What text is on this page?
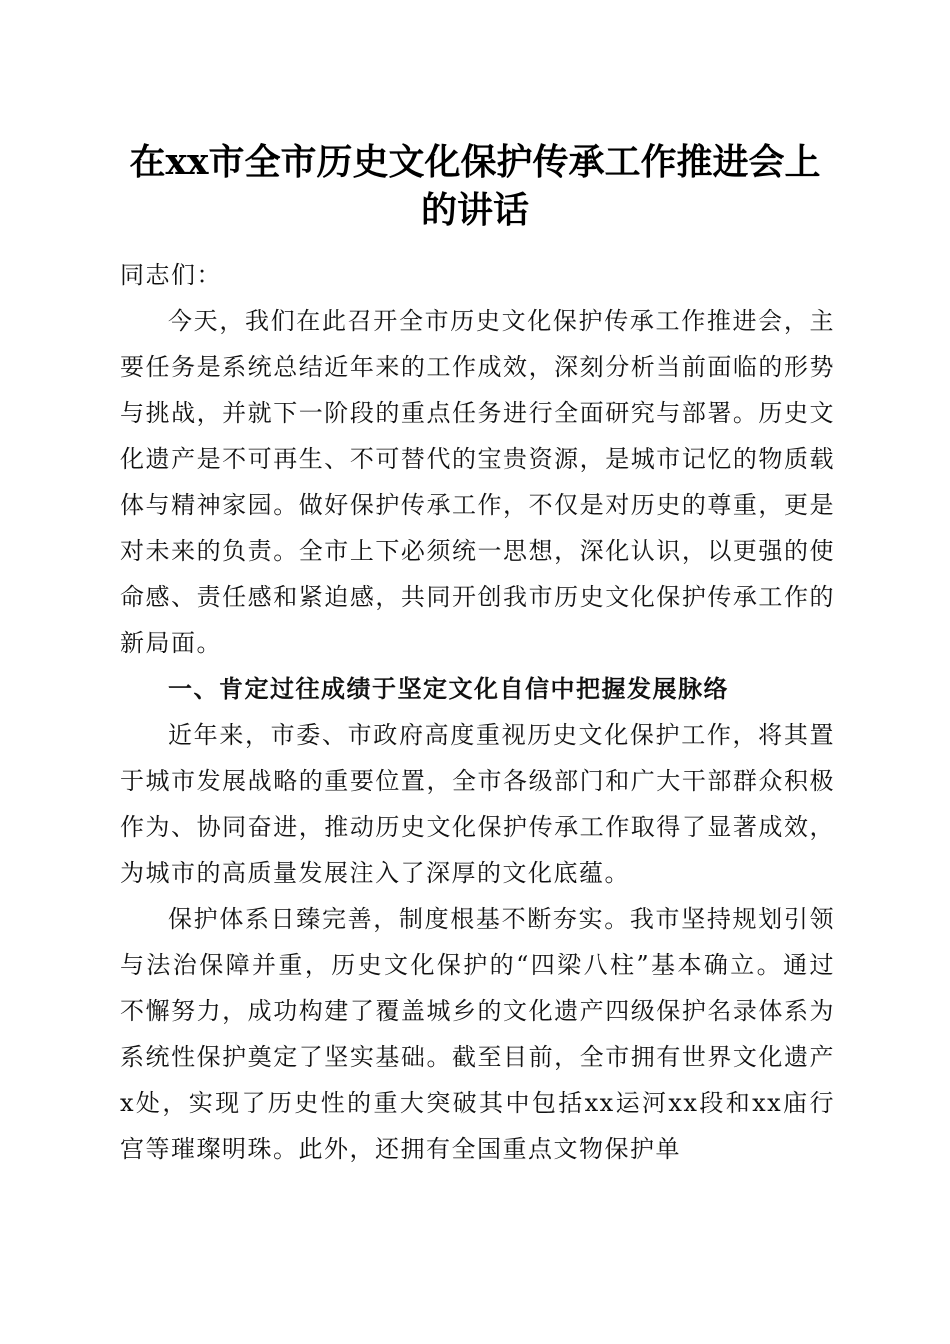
在xx市全市历史文化保护传承工作推进会上
的讲话

同志们：

今天，我们在此召开全市历史文化保护传承工作推进会，主要任务是系统总结近年来的工作成效，深刻分析当前面临的形势与挑战，并就下一阶段的重点任务进行全面研究与部署。历史文化遗产是不可再生、不可替代的宝贵资源，是城市记忆的物质载体与精神家园。做好保护传承工作，不仅是对历史的尊重，更是对未来的负责。全市上下必须统一思想，深化认识，以更强的使命感、责任感和紧迫感，共同开创我市历史文化保护传承工作的新局面。

一、肯定过往成绩于坚定文化自信中把握发展脉络

近年来，市委、市政府高度重视历史文化保护工作，将其置于城市发展战略的重要位置，全市各级部门和广大干部群众积极作为、协同奋进，推动历史文化保护传承工作取得了显著成效，为城市的高质量发展注入了深厚的文化底蕴。

保护体系日臻完善，制度根基不断夯实。我市坚持规划引领与法治保障并重，历史文化保护的“四梁八柱”基本确立。通过不懈努力，成功构建了覆盖城乡的文化遗产四级保护名录体系为系统性保护奠定了坚实基础。截至目前，全市拥有世界文化遗产x处，实现了历史性的重大突破其中包括xx运河xx段和xx庙行宫等璀璨明珠。此外，还拥有全国重点文物保护单
